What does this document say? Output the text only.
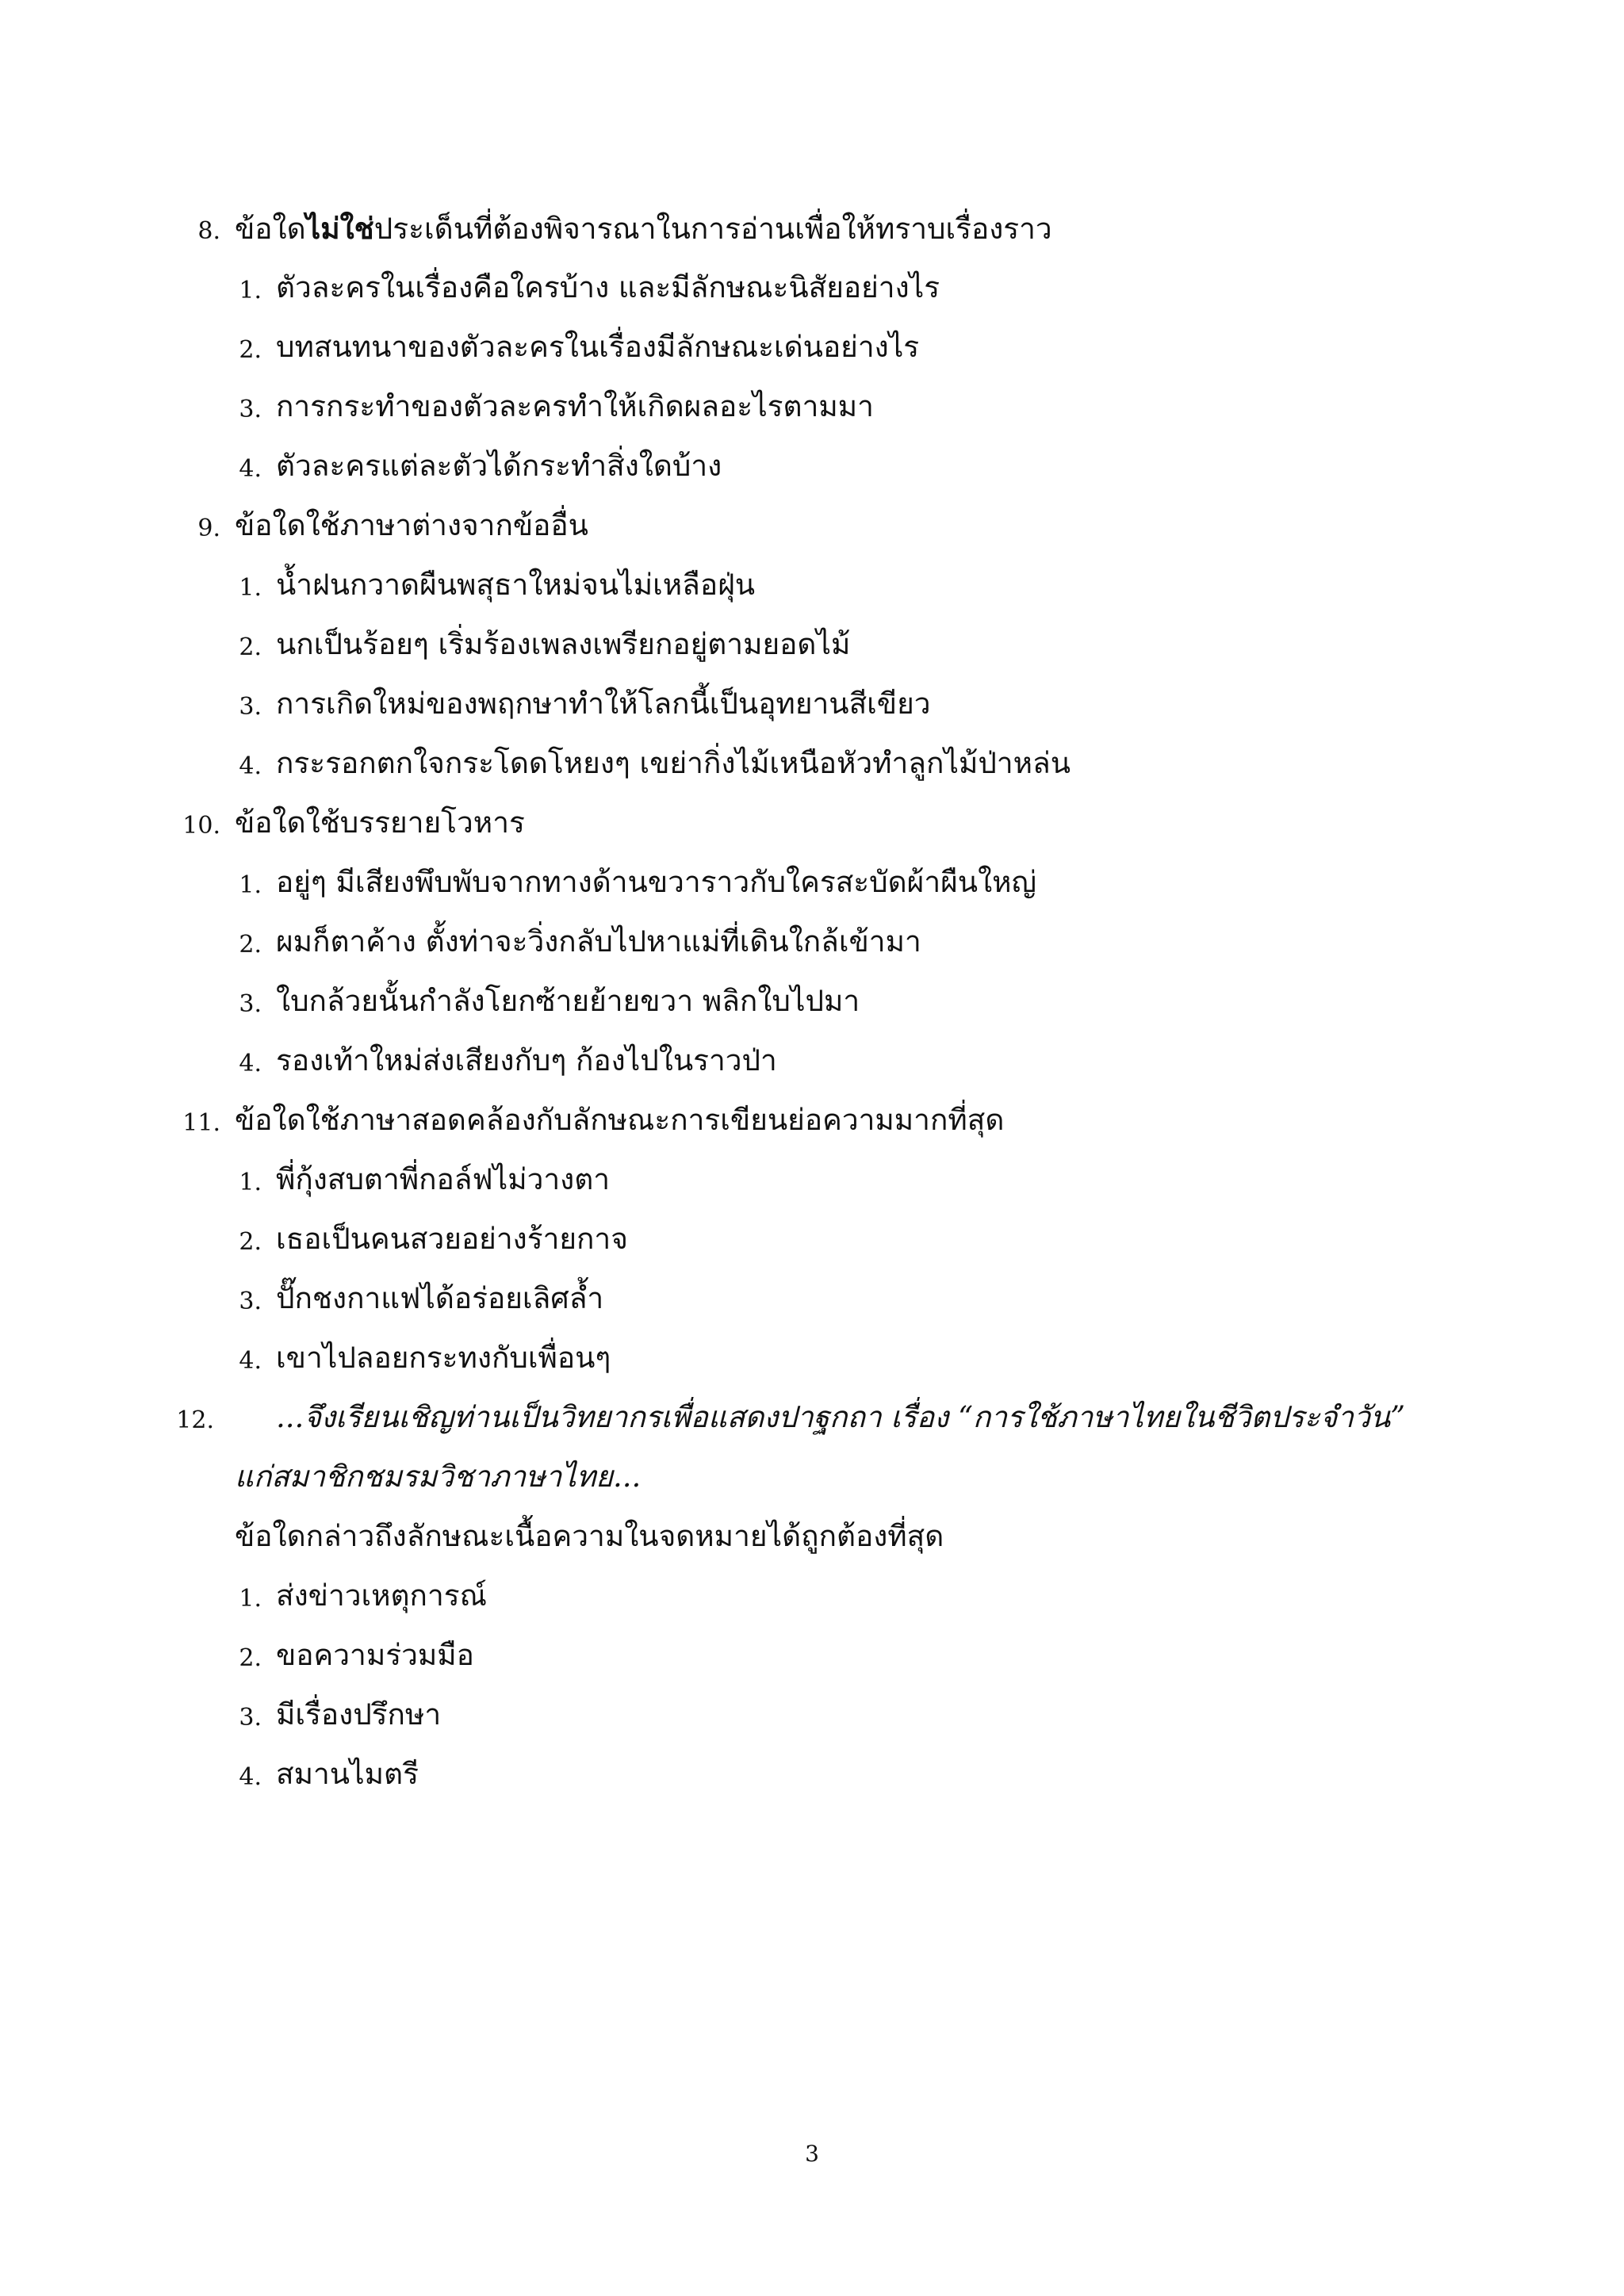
8. ข้อใดไม่ใช่ประเด็นที่ต้องพิจารณาในการอ่านเพื่อให้ทราบเรื่องราว
1. ตัวละครในเรื่องคือใครบ้าง และมีลักษณะนิสัยอย่างไร
2. บทสนทนาของตัวละครในเรื่องมีลักษณะเด่นอย่างไร
3. การกระทำของตัวละครทำให้เกิดผลอะไรตามมา
4. ตัวละครแต่ละตัวได้กระทำสิ่งใดบ้าง
9. ข้อใดใช้ภาษาต่างจากข้ออื่น
1. น้ำฝนกวาดผืนพสุธาใหม่จนไม่เหลือฝุ่น
2. นกเป็นร้อยๆ เริ่มร้องเพลงเพรียกอยู่ตามยอดไม้
3. การเกิดใหม่ของพฤกษาทำให้โลกนี้เป็นอุทยานสีเขียว
4. กระรอกตกใจกระโดดโหยงๆ เขย่ากิ่งไม้เหนือหัวทำลูกไม้ป่าหล่น
10. ข้อใดใช้บรรยายโวหาร
1. อยู่ๆ มีเสียงพึบพับจากทางด้านขวาราวกับใครสะบัดผ้าผืนใหญ่
2. ผมก็ตาค้าง ตั้งท่าจะวิ่งกลับไปหาแม่ที่เดินใกล้เข้ามา
3. ใบกล้วยนั้นกำลังโยกซ้ายย้ายขวา พลิกใบไปมา
4. รองเท้าใหม่ส่งเสียงกับๆ ก้องไปในราวป่า
11. ข้อใดใช้ภาษาสอดคล้องกับลักษณะการเขียนย่อความมากที่สุด
1. พี่กุ้งสบตาพี่กอล์ฟไม่วางตา
2. เธอเป็นคนสวยอย่างร้ายกาจ
3. ปั๊กชงกาแฟได้อร่อยเลิศล้ำ
4. เขาไปลอยกระทงกับเพื่อนๆ
12. ...จึงเรียนเชิญท่านเป็นวิทยากรเพื่อแสดงปาฐกถา เรื่อง “การใช้ภาษาไทยในชีวิตประจำวัน”
แก่สมาชิกชมรมวิชาภาษาไทย...
ข้อใดกล่าวถึงลักษณะเนื้อความในจดหมายได้ถูกต้องที่สุด
1. ส่งข่าวเหตุการณ์
2. ขอความร่วมมือ
3. มีเรื่องปรึกษา
4. สมานไมตรี
3
